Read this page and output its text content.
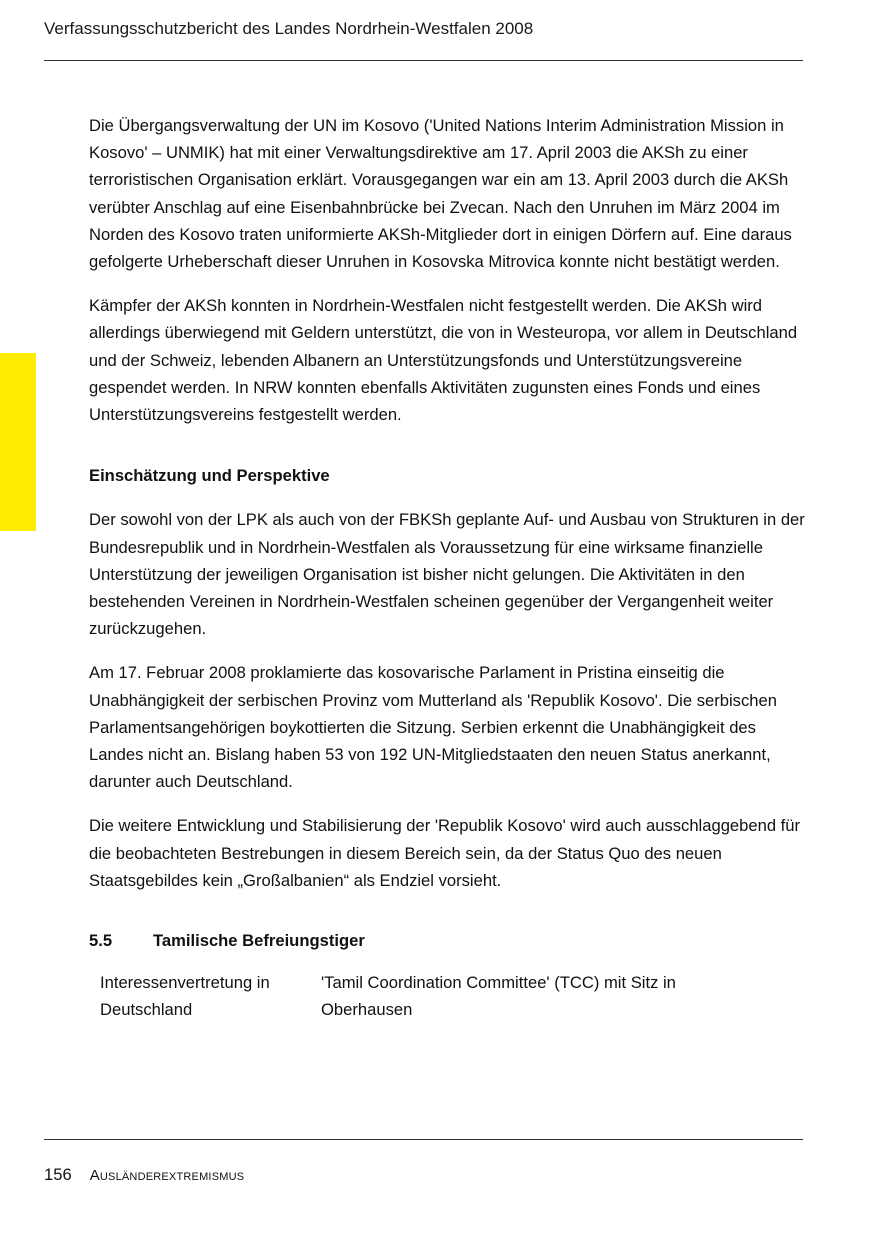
Verfassungsschutzbericht des Landes Nordrhein-Westfalen 2008

Die Übergangsverwaltung der UN im Kosovo ('United Nations Interim Administration Mission in Kosovo' – UNMIK) hat mit einer Verwaltungsdirektive am 17. April 2003 die AKSh zu einer terroristischen Organisation erklärt. Vorausgegangen war ein am 13. April 2003 durch die AKSh verübter Anschlag auf eine Eisenbahnbrücke bei Zvecan. Nach den Unruhen im März 2004 im Norden des Kosovo traten uniformierte AKSh-Mitglieder dort in einigen Dörfern auf. Eine daraus gefolgerte Urheberschaft dieser Unruhen in Kosovska Mitrovica konnte nicht bestätigt werden.

Kämpfer der AKSh konnten in Nordrhein-Westfalen nicht festgestellt werden. Die AKSh wird allerdings überwiegend mit Geldern unterstützt, die von in Westeuropa, vor allem in Deutschland und der Schweiz, lebenden Albanern an Unterstützungsfonds und Unterstützungsvereine gespendet werden. In NRW konnten ebenfalls Aktivitäten zugunsten eines Fonds und eines Unterstützungsvereins festgestellt werden.

Einschätzung und Perspektive

Der sowohl von der LPK als auch von der FBKSh geplante Auf- und Ausbau von Strukturen in der Bundesrepublik und in Nordrhein-Westfalen als Voraussetzung für eine wirksame finanzielle Unterstützung der jeweiligen Organisation ist bisher nicht gelungen. Die Aktivitäten in den bestehenden Vereinen in Nordrhein-Westfalen scheinen gegenüber der Vergangenheit weiter zurückzugehen.

Am 17. Februar 2008 proklamierte das kosovarische Parlament in Pristina einseitig die Unabhängigkeit der serbischen Provinz vom Mutterland als 'Republik Kosovo'. Die serbischen Parlamentsangehörigen boykottierten die Sitzung. Serbien erkennt die Unabhängigkeit des Landes nicht an. Bislang haben 53 von 192 UN-Mitgliedstaaten den neuen Status anerkannt, darunter auch Deutschland.

Die weitere Entwicklung und Stabilisierung der 'Republik Kosovo' wird auch ausschlaggebend für die beobachteten Bestrebungen in diesem Bereich sein, da der Status Quo des neuen Staatsgebildes kein „Großalbanien“ als Endziel vorsieht.

5.5 Tamilische Befreiungstiger
Interessenvertretung in Deutschland	'Tamil Coordination Committee' (TCC) mit Sitz in Oberhausen
156 Ausländerextremismus
